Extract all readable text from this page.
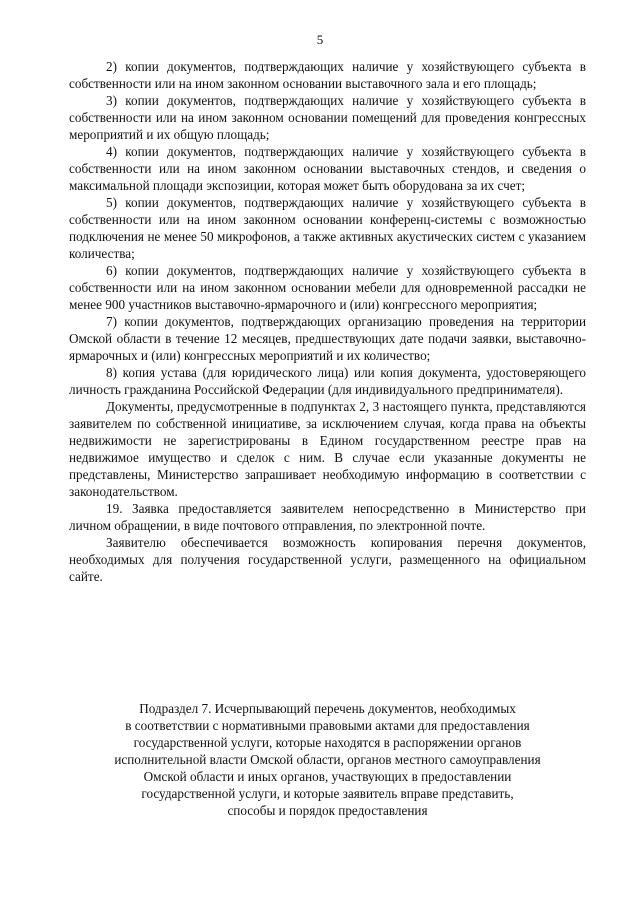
5

2) копии документов, подтверждающих наличие у хозяйствующего субъекта в собственности или на ином законном основании выставочного зала и его площадь;

3) копии документов, подтверждающих наличие у хозяйствующего субъекта в собственности или на ином законном основании помещений для проведения конгрессных мероприятий и их общую площадь;

4) копии документов, подтверждающих наличие у хозяйствующего субъекта в собственности или на ином законном основании выставочных стендов, и сведения о максимальной площади экспозиции, которая может быть оборудована за их счет;

5) копии документов, подтверждающих наличие у хозяйствующего субъекта в собственности или на ином законном основании конференц-системы с возможностью подключения не менее 50 микрофонов, а также активных акустических систем с указанием количества;

6) копии документов, подтверждающих наличие у хозяйствующего субъекта в собственности или на ином законном основании мебели для одновременной рассадки не менее 900 участников выставочно-ярмарочного и (или) конгрессного мероприятия;

7) копии документов, подтверждающих организацию проведения на территории Омской области в течение 12 месяцев, предшествующих дате подачи заявки, выставочно-ярмарочных и (или) конгрессных мероприятий и их количество;

8) копия устава (для юридического лица) или копия документа, удостоверяющего личность гражданина Российской Федерации (для индивидуального предпринимателя).

Документы, предусмотренные в подпунктах 2, 3 настоящего пункта, представляются заявителем по собственной инициативе, за исключением случая, когда права на объекты недвижимости не зарегистрированы в Едином государственном реестре прав на недвижимое имущество и сделок с ним. В случае если указанные документы не представлены, Министерство запрашивает необходимую информацию в соответствии с законодательством.

19. Заявка предоставляется заявителем непосредственно в Министерство при личном обращении, в виде почтового отправления, по электронной почте.

Заявителю обеспечивается возможность копирования перечня документов, необходимых для получения государственной услуги, размещенного на официальном сайте.

Подраздел 7. Исчерпывающий перечень документов, необходимых
в соответствии с нормативными правовыми актами для предоставления
государственной услуги, которые находятся в распоряжении органов
исполнительной власти Омской области, органов местного самоуправления
Омской области и иных органов, участвующих в предоставлении
государственной услуги, и которые заявитель вправе представить,
способы и порядок предоставления
